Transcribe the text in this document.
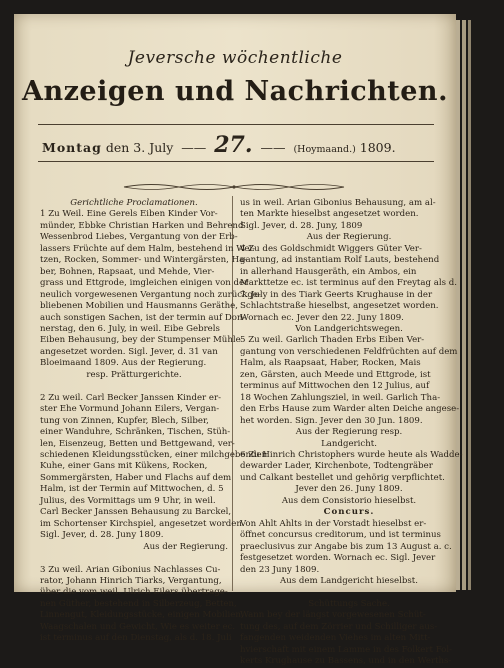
Jeversche wöchentliche
Anzeigen und Nachrichten.
Montag den 3. July  ——  27.  ——  (Hoymaand.) 1809.
Gerichtliche Proclamationen.
1 Zu Weil. Eine Gerels Eiben Kinder Vor-
münder, Ebbke Christian Harken und Behrend
Wessenbrod Liebes, Vergantung von der Erb-
lassers Früchte auf dem Halm, bestehend in Wei-
tzen, Rocken, Sommer- und Wintergärsten, Ha-
ber, Bohnen, Rapsaat, und Mehde, Vier-
grass und Ettgrode, imgleichen einigen von der
neulich vorgewesenen Vergantung noch zurückge-
bliebenen Mobilien und Hausmanns Geräthe,
auch sonstigen Sachen, ist der termin auf Don-
nerstag, den 6. July, in weil. Eibe Gebrels
Eiben Behausung, bey der Stumpenser Mühle
angesetzet worden. Sigl. Jever, d. 31 van
Bloeimaand 1809. Aus der Regierung.
resp. Prätturgerichte.

2 Zu weil. Carl Becker Janssen Kinder er-
ster Ehe Vormund Johann Eilers, Vergan-
tung von Zinnen, Kupfer, Blech, Silber,
einer Wanduhre, Schränken, Tischen, Stüh-
len, Eisenzeug, Betten und Bettgewand, ver-
schiedenen Kleidungsstücken, einer milchgebenden
Kuhe, einer Gans mit Kükens, Rocken,
Sommergärsten, Haber und Flachs auf dem
Halm, ist der Termin auf Mittwochen, d. 5
Julius, des Vormittags um 9 Uhr, in weil.
Carl Becker Janssen Behausung zu Barckel,
im Schortenser Kirchspiel, angesetzet worden.
Sigl. Jever, d. 28. Juny 1809.
Aus der Regierung.

3 Zu weil. Arian Gibonius Nachlasses Cu-
rator, Johann Hinrich Tiarks, Vergantung,
über die vom weil. Ulrich Eilers übertrage-
nen Güther, bestehend in Silberzeug, Betten,
Linnengut, Kleidungsstücke, einigen Mobilien,
Waagschalen und Gewicht, Wie es weiter ec.
ist terminus auf den Dienstag, als d. 18. Juli
us in weil. Arian Gibonius Behausung, am al-
ten Markte hieselbst angesetzet worden.
Sigl. Jever, d. 28. Juny, 1809
Aus der Regierung.
4 Zu des Goldschmidt Wiggers Güter Ver-
gantung, ad instantiam Rolf Lauts, bestehend
in allerhand Hausgeräth, ein Ambos, ein
Markttetze ec. ist terminus auf den Freytag als d.
7. July in des Tiark Geerts Krughause in der
Schlachtstraße hieselbst, angesetzet worden.
Wornach ec. Jever den 22. Juny 1809.
Von Landgerichtswegen.
5 Zu weil. Garlich Thaden Erbs Eiben Ver-
gantung von verschiedenen Feldfrüchten auf dem
Halm, als Raapsaat, Haber, Rocken, Mais
zen, Gärsten, auch Meede und Ettgrode, ist
terminus auf Mittwochen den 12 Julius, auf
18 Wochen Zahlungsziel, in weil. Garlich Tha-
den Erbs Hause zum Warder alten Deiche angese-
het worden. Sign. Jever den 30 Jun. 1809.
Aus der Regierung resp.
Landgericht.
6 Zu Hinrich Christophers wurde heute als Wadde-
dewarder Lader, Kirchenbote, Todtengräber
und Calkant bestellet und gehörig verpflichtet.
Jever den 26. Juny 1809.
Aus dem Consistorio hieselbst.
Concurs.
Von Ahlt Ahlts in der Vorstadt hieselbst er-
öffnet concursus creditorum, und ist terminus
praeclusivus zur Angabe bis zum 13 August a. c.
festgesetzet worden. Wornach ec. Sigl. Jever
den 23 Juny 1809.
Aus dem Landgericht hieselbst.

Schüttungs Sache.
Wann bey der längst vorgewesenen Schüt-
tung des, auf dem Zörrier und Schilliger aus-
fangenden weidenden Viehes im alten Mitt-
hvierschaft mit einem Lamme in des Folkert Fol-
kerts Krughause zu Bassens, und in den Werths-
